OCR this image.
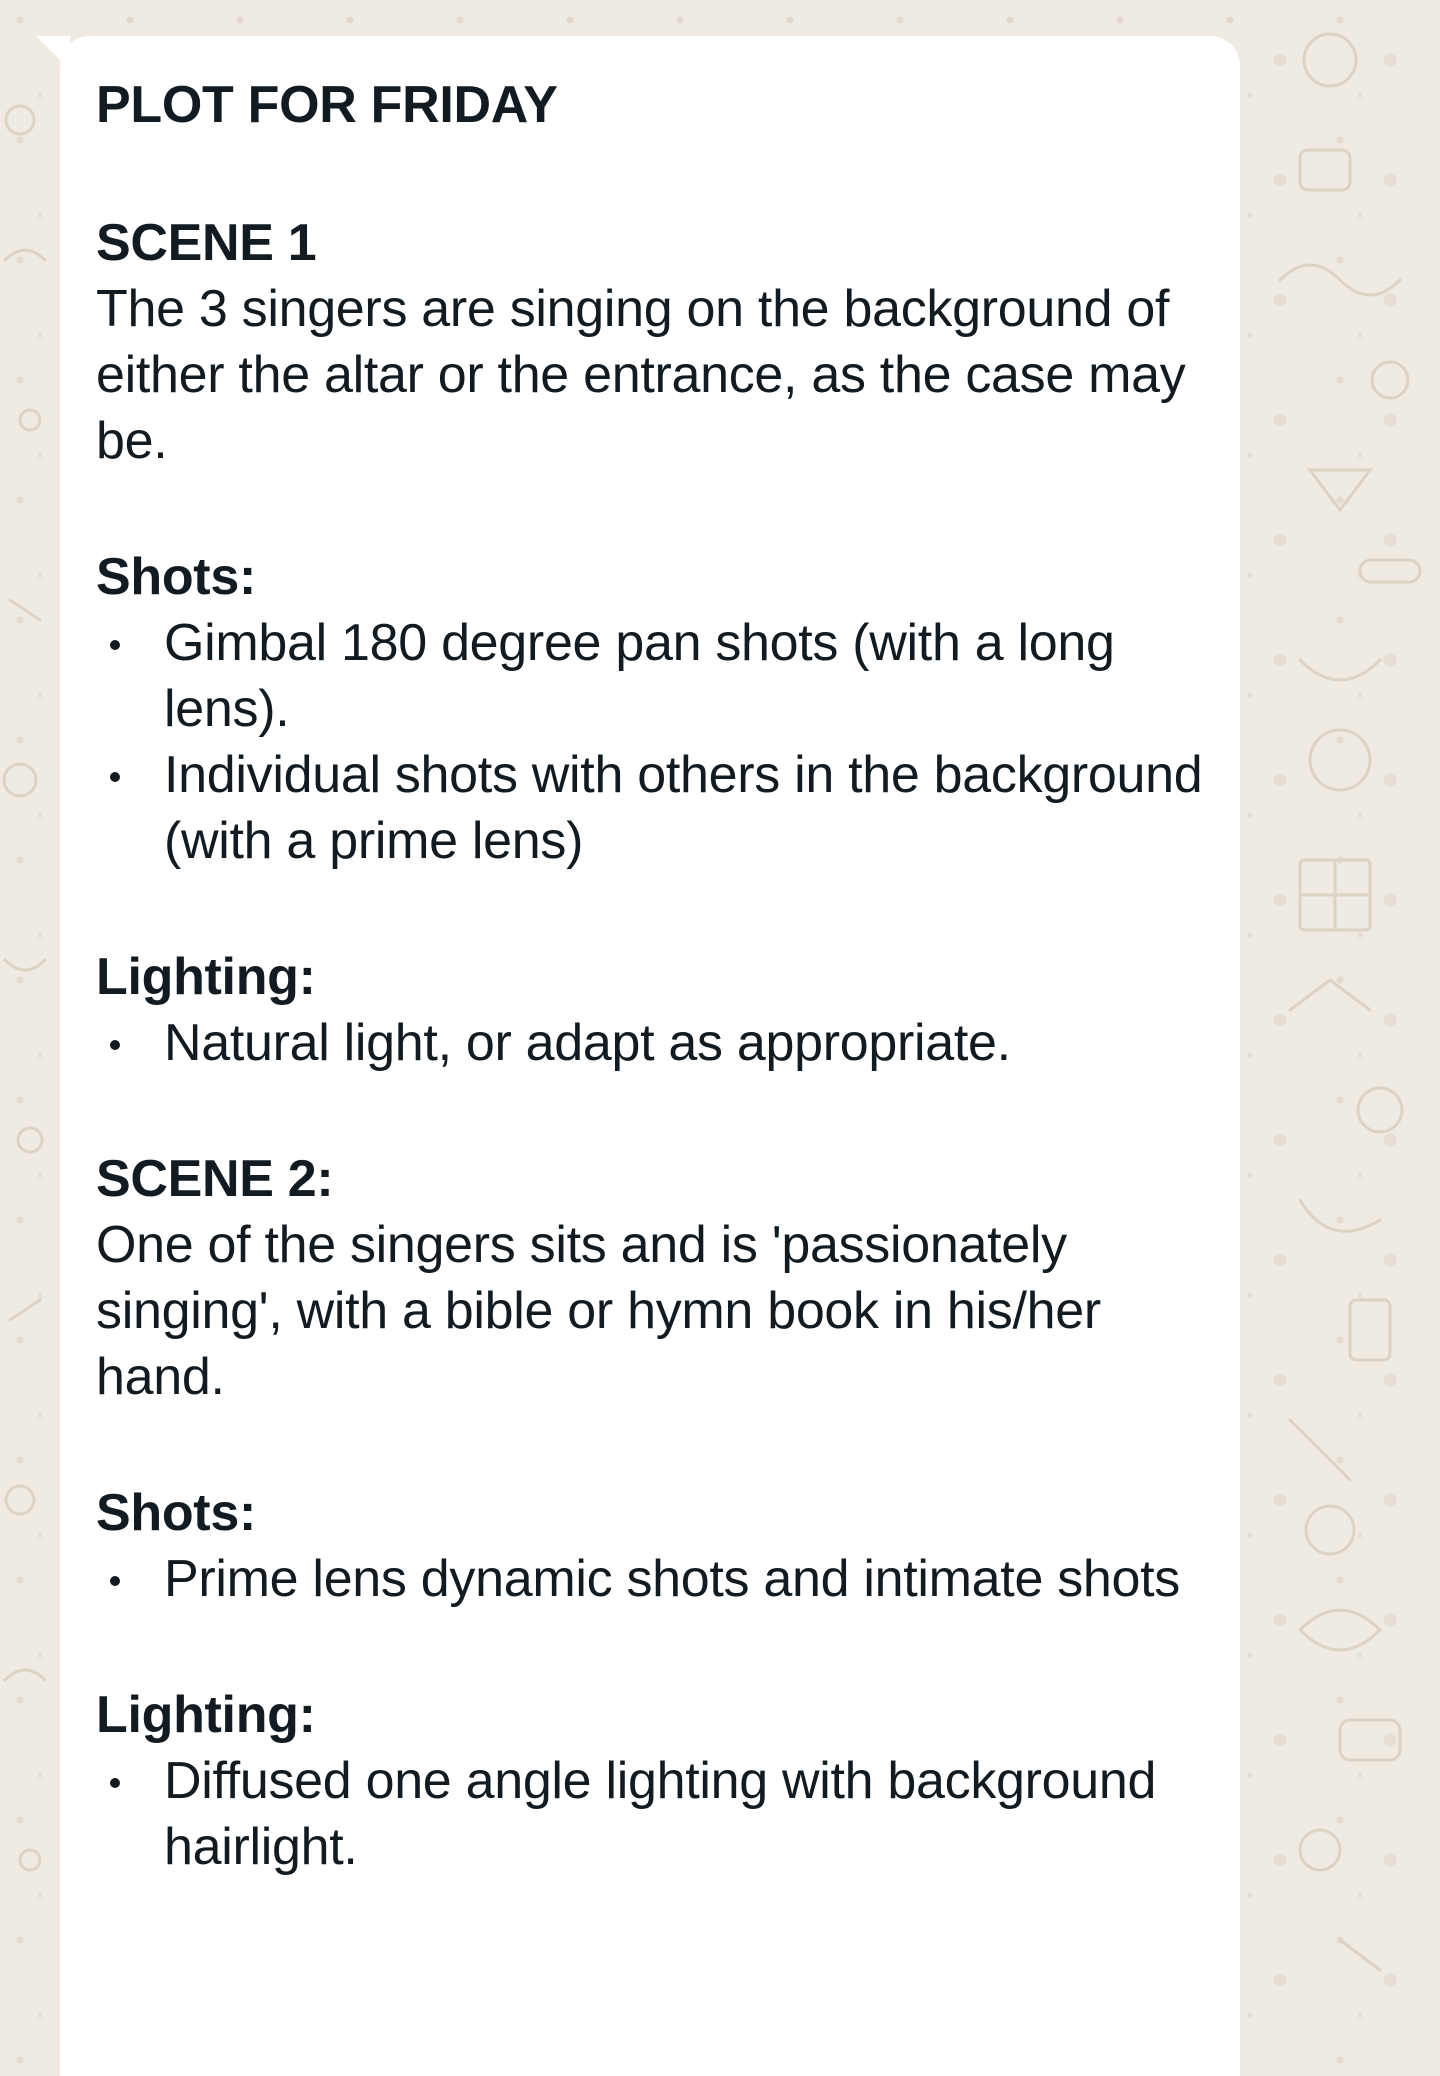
PLOT FOR FRIDAY

SCENE 1

The 3 singers are singing on the background of either the altar or the entrance, as the case may be.

Shots:

Gimbal 180 degree pan shots (with a long lens).
Individual shots with others in the background (with a prime lens)

Lighting:

Natural light, or adapt as appropriate.

SCENE 2:

One of the singers sits and is 'passionately singing', with a bible or hymn book in his/her hand.

Shots:

Prime lens dynamic shots and intimate shots

Lighting:

Diffused one angle lighting with background hairlight.
